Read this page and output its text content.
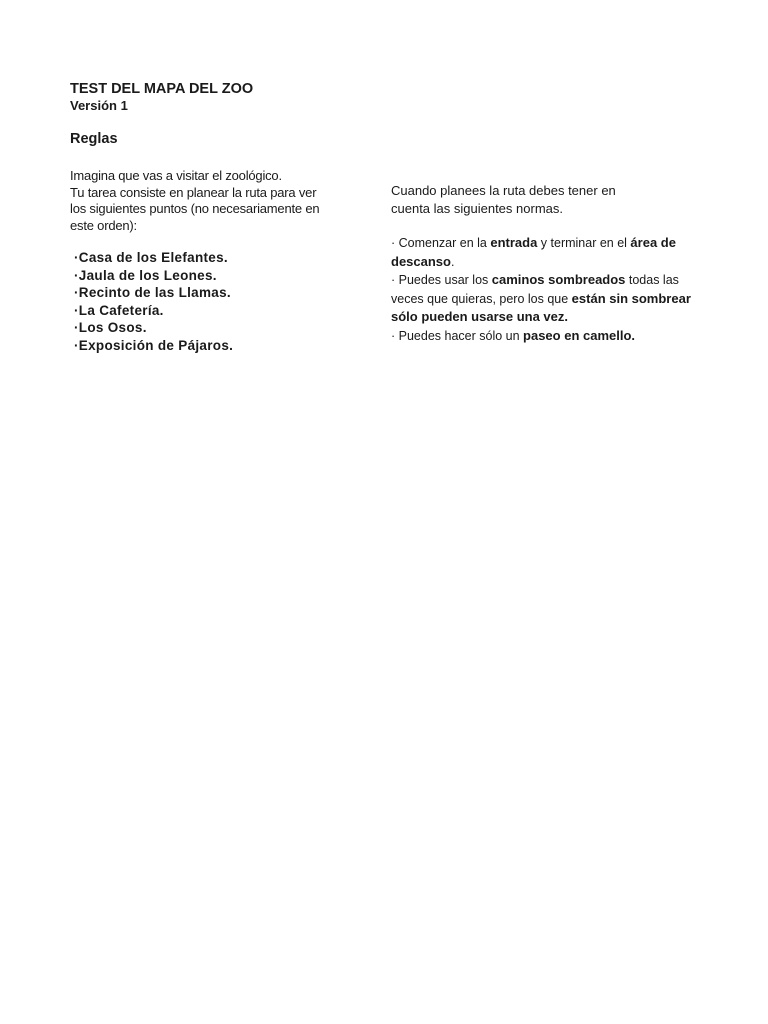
TEST DEL MAPA DEL ZOO

Versión 1

Reglas

Imagina que vas a visitar el zoológico.
Tu tarea consiste en planear la ruta para ver
los siguientes puntos (no necesariamente en
este orden):

·Casa de los Elefantes.
·Jaula de los Leones.
·Recinto de las Llamas.
·La Cafetería.
·Los Osos.
·Exposición de Pájaros.

Cuando planees la ruta debes tener en
cuenta las siguientes normas.

· Comenzar en la entrada y terminar en el área de descanso.

· Puedes usar los caminos sombreados todas las veces que quieras, pero los que están sin sombrear sólo pueden usarse una vez.

· Puedes hacer sólo un paseo en camello.
